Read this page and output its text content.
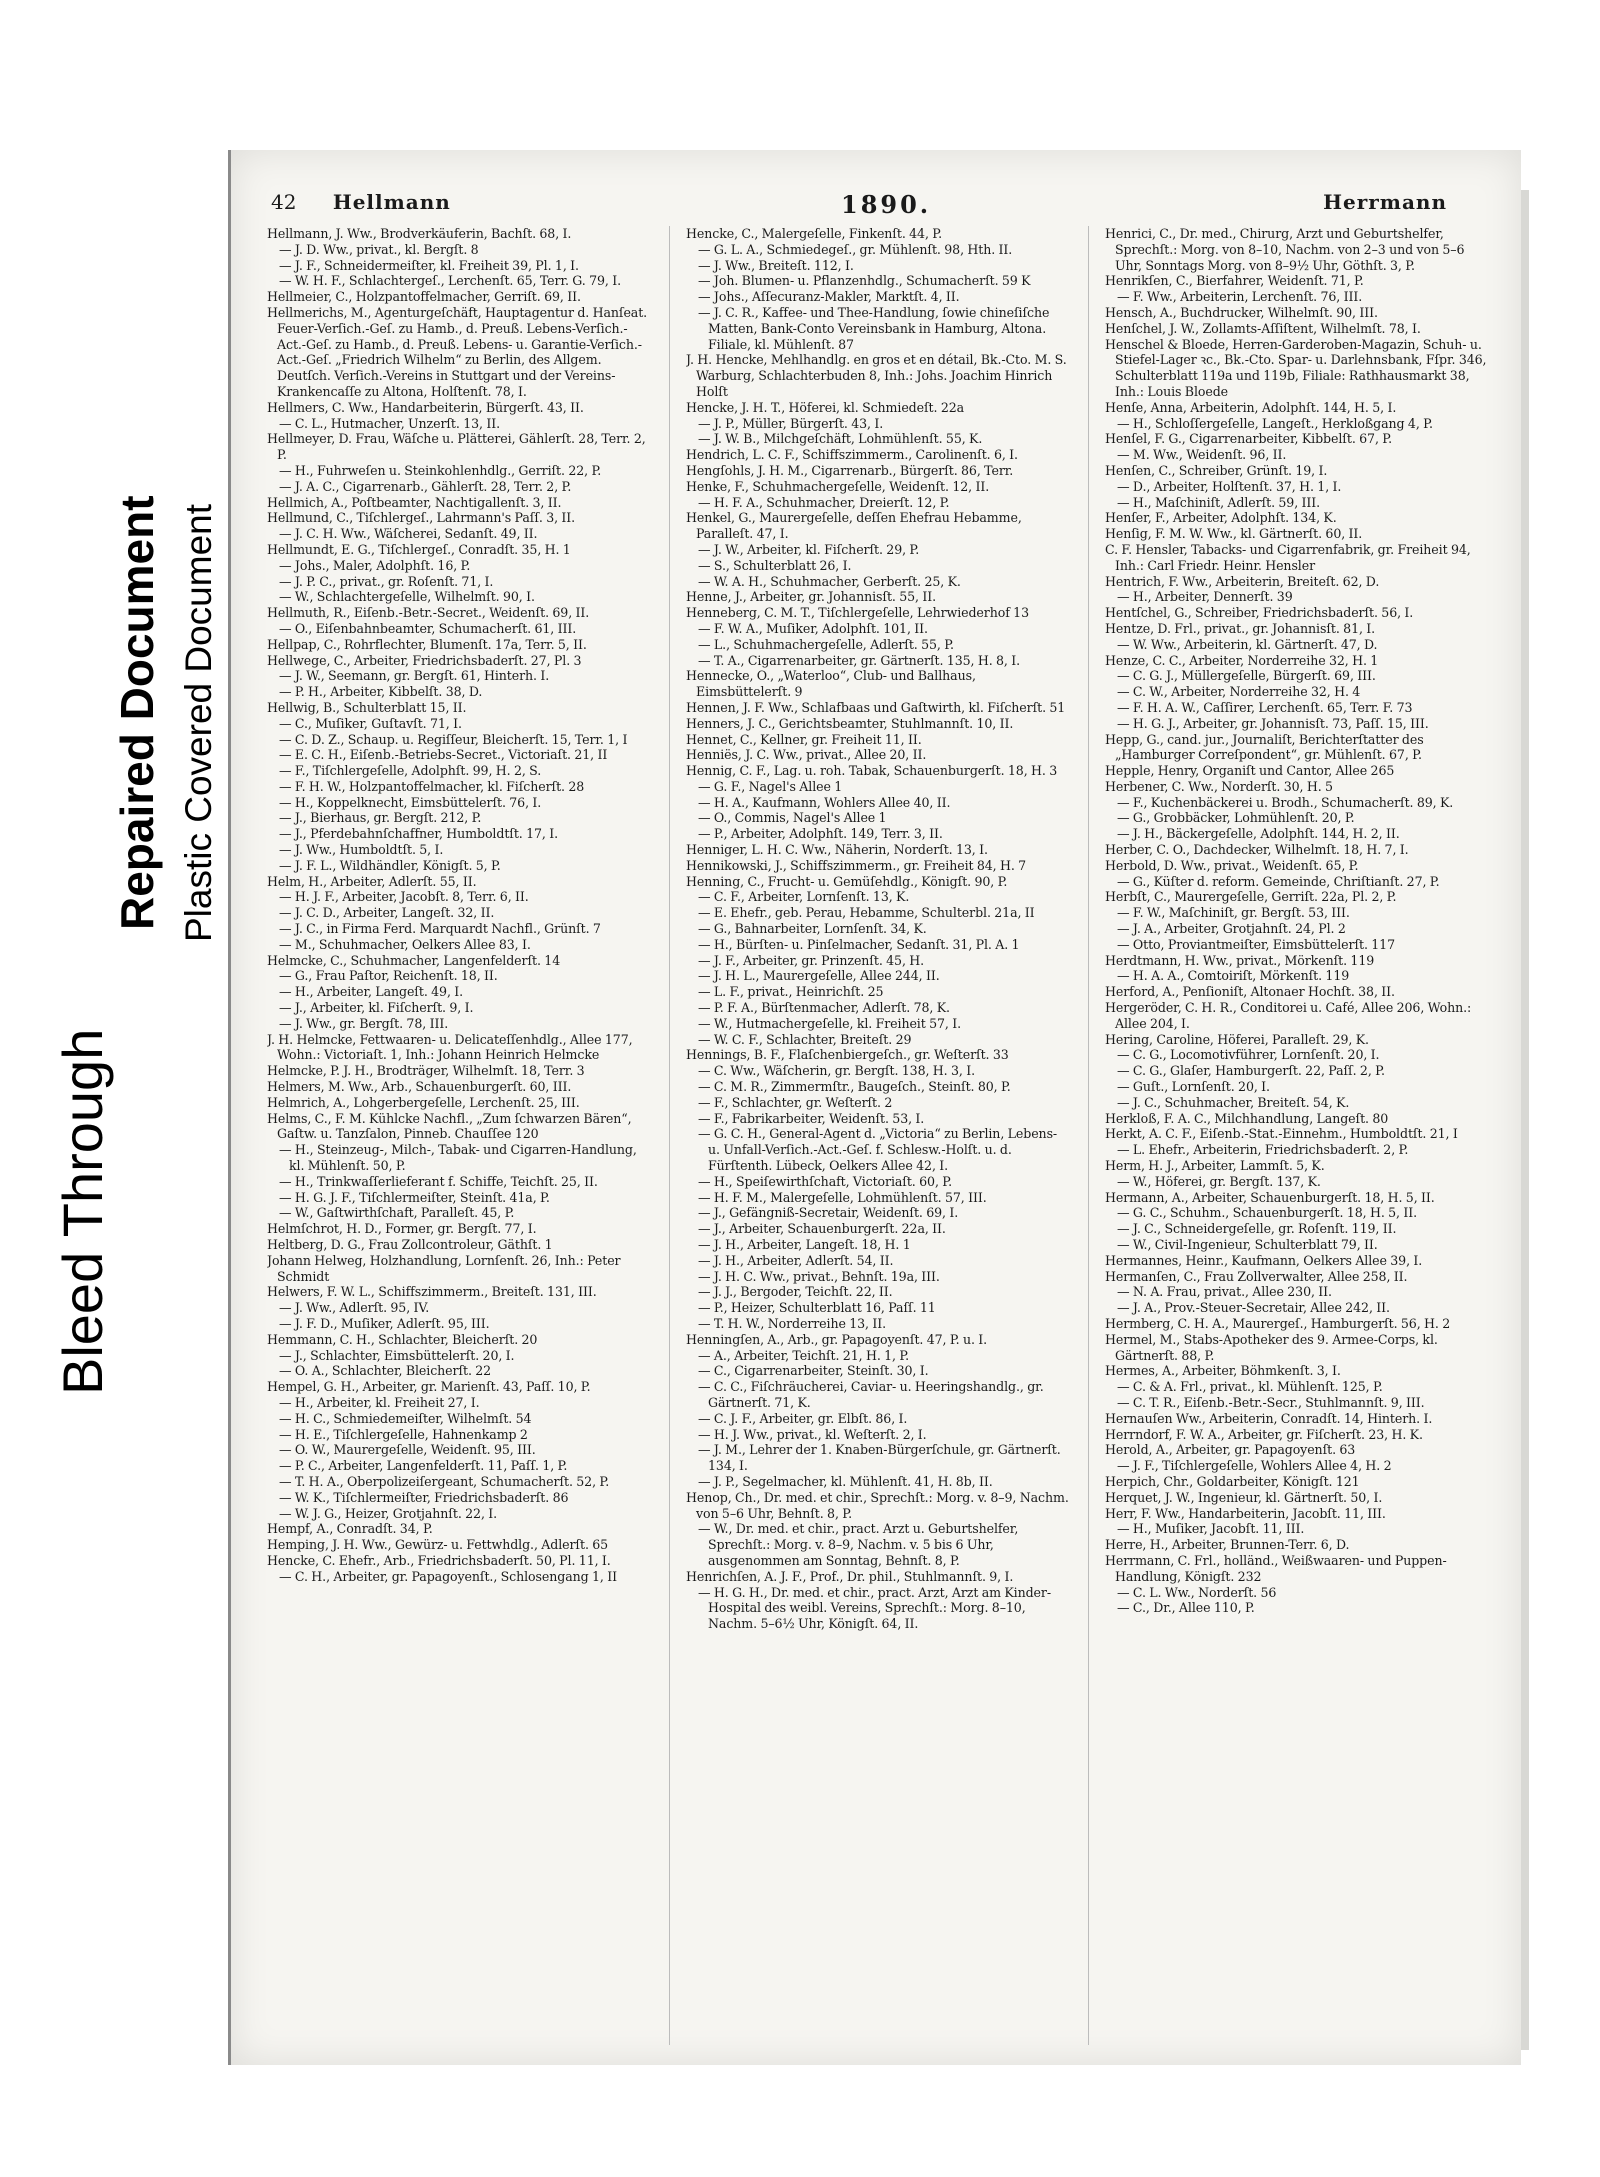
Bleed Through
Repaired Document Plastic Covered Document
42 Hellmann	1890.	Herrmann

Hellmann, J. Ww., Brodverkäuferin, Bachſt. 68, I.

— J. D. Ww., privat., kl. Bergſt. 8

— J. F., Schneidermeiſter, kl. Freiheit 39, Pl. 1, I.

— W. H. F., Schlachtergeſ., Lerchenſt. 65, Terr. G. 79, I.

Hellmeier, C., Holzpantoffelmacher, Gerriſt. 69, II.

Hellmerichs, M., Agenturgeſchäft, Hauptagentur d. Hanſeat. Feuer-Verſich.-Geſ. zu Hamb., d. Preuß. Lebens-Verſich.-Act.-Geſ. zu Hamb., d. Preuß. Lebens- u. Garantie-Verſich.-Act.-Geſ. „Friedrich Wilhelm“ zu Berlin, des Allgem. Deutſch. Verſich.-Vereins in Stuttgart und der Vereins-Krankencaſſe zu Altona, Holſtenſt. 78, I.

Hellmers, C. Ww., Handarbeiterin, Bürgerſt. 43, II.

— C. L., Hutmacher, Unzerſt. 13, II.

Hellmeyer, D. Frau, Wäſche u. Plätterei, Gählerſt. 28, Terr. 2, P.

— H., Fuhrweſen u. Steinkohlenhdlg., Gerriſt. 22, P.

— J. A. C., Cigarrenarb., Gählerſt. 28, Terr. 2, P.

Hellmich, A., Poſtbeamter, Nachtigallenſt. 3, II.

Hellmund, C., Tiſchlergeſ., Lahrmann's Paſſ. 3, II.

— J. C. H. Ww., Wäſcherei, Sedanſt. 49, II.

Hellmundt, E. G., Tiſchlergeſ., Conradſt. 35, H. 1

— Johs., Maler, Adolphſt. 16, P.

— J. P. C., privat., gr. Roſenſt. 71, I.

— W., Schlachtergeſelle, Wilhelmſt. 90, I.

Hellmuth, R., Eiſenb.-Betr.-Secret., Weidenſt. 69, II.

— O., Eiſenbahnbeamter, Schumacherſt. 61, III.

Hellpap, C., Rohrflechter, Blumenſt. 17a, Terr. 5, II.

Hellwege, C., Arbeiter, Friedrichsbaderſt. 27, Pl. 3

— J. W., Seemann, gr. Bergſt. 61, Hinterh. I.

— P. H., Arbeiter, Kibbelſt. 38, D.

Hellwig, B., Schulterblatt 15, II.

— C., Muſiker, Guſtavſt. 71, I.

— C. D. Z., Schaup. u. Regiſſeur, Bleicherſt. 15, Terr. 1, I

— E. C. H., Eiſenb.-Betriebs-Secret., Victoriaſt. 21, II

— F., Tiſchlergeſelle, Adolphſt. 99, H. 2, S.

— F. H. W., Holzpantoffelmacher, kl. Fiſcherſt. 28

— H., Koppelknecht, Eimsbüttelerſt. 76, I.

— J., Bierhaus, gr. Bergſt. 212, P.

— J., Pferdebahnſchaffner, Humboldtſt. 17, I.

— J. Ww., Humboldtſt. 5, I.

— J. F. L., Wildhändler, Königſt. 5, P.

Helm, H., Arbeiter, Adlerſt. 55, II.

— H. J. F., Arbeiter, Jacobſt. 8, Terr. 6, II.

— J. C. D., Arbeiter, Langeſt. 32, II.

— J. C., in Firma Ferd. Marquardt Nachfl., Grünſt. 7

— M., Schuhmacher, Oelkers Allee 83, I.

Helmcke, C., Schuhmacher, Langenfelderſt. 14

— G., Frau Paſtor, Reichenſt. 18, II.

— H., Arbeiter, Langeſt. 49, I.

— J., Arbeiter, kl. Fiſcherſt. 9, I.

— J. Ww., gr. Bergſt. 78, III.

J. H. Helmcke, Fettwaaren- u. Delicateſſenhdlg., Allee 177, Wohn.: Victoriaſt. 1, Inh.: Johann Heinrich Helmcke

Helmcke, P. J. H., Brodträger, Wilhelmſt. 18, Terr. 3

Helmers, M. Ww., Arb., Schauenburgerſt. 60, III.

Helmrich, A., Lohgerbergeſelle, Lerchenſt. 25, III.

Helms, C., F. M. Kühlcke Nachfl., „Zum ſchwarzen Bären“, Gaſtw. u. Tanzſalon, Pinneb. Chauſſee 120

— H., Steinzeug-, Milch-, Tabak- und Cigarren-Handlung, kl. Mühlenſt. 50, P.

— H., Trinkwaſſerlieferant f. Schiffe, Teichſt. 25, II.

— H. G. J. F., Tiſchlermeiſter, Steinſt. 41a, P.

— W., Gaſtwirthſchaft, Paralleſt. 45, P.

Helmſchrot, H. D., Former, gr. Bergſt. 77, I.

Heltberg, D. G., Frau Zollcontroleur, Gäthſt. 1

Johann Helweg, Holzhandlung, Lornſenſt. 26, Inh.: Peter Schmidt

Helwers, F. W. L., Schiffszimmerm., Breiteſt. 131, III.

— J. Ww., Adlerſt. 95, IV.

— J. F. D., Muſiker, Adlerſt. 95, III.

Hemmann, C. H., Schlachter, Bleicherſt. 20

— J., Schlachter, Eimsbüttelerſt. 20, I.

— O. A., Schlachter, Bleicherſt. 22

Hempel, G. H., Arbeiter, gr. Marienſt. 43, Paſſ. 10, P.

— H., Arbeiter, kl. Freiheit 27, I.

— H. C., Schmiedemeiſter, Wilhelmſt. 54

— H. E., Tiſchlergeſelle, Hahnenkamp 2

— O. W., Maurergeſelle, Weidenſt. 95, III.

— P. C., Arbeiter, Langenfelderſt. 11, Paſſ. 1, P.

— T. H. A., Oberpolizeiſergeant, Schumacherſt. 52, P.

— W. K., Tiſchlermeiſter, Friedrichsbaderſt. 86

— W. J. G., Heizer, Grotjahnſt. 22, I.

Hempf, A., Conradſt. 34, P.

Hemping, J. H. Ww., Gewürz- u. Fettwhdlg., Adlerſt. 65

Hencke, C. Ehefr., Arb., Friedrichsbaderſt. 50, Pl. 11, I.

— C. H., Arbeiter, gr. Papagoyenſt., Schlosengang 1, II

Hencke, C., Malergeſelle, Finkenſt. 44, P.

— G. L. A., Schmiedegeſ., gr. Mühlenſt. 98, Hth. II.

— J. Ww., Breiteſt. 112, I.

— Joh. Blumen- u. Pflanzenhdlg., Schumacherſt. 59 K

— Johs., Aſſecuranz-Makler, Marktſt. 4, II.

— J. C. R., Kaffee- und Thee-Handlung, ſowie chineſiſche Matten, Bank-Conto Vereinsbank in Hamburg, Altona. Filiale, kl. Mühlenſt. 87

J. H. Hencke, Mehlhandlg. en gros et en détail, Bk.-Cto. M. S. Warburg, Schlachterbuden 8, Inh.: Johs. Joachim Hinrich Holſt

Hencke, J. H. T., Höferei, kl. Schmiedeſt. 22a

— J. P., Müller, Bürgerſt. 43, I.

— J. W. B., Milchgeſchäft, Lohmühlenſt. 55, K.

Hendrich, L. C. F., Schiffszimmerm., Carolinenſt. 6, I.

Hengſohls, J. H. M., Cigarrenarb., Bürgerſt. 86, Terr.

Henke, F., Schuhmachergeſelle, Weidenſt. 12, II.

— H. F. A., Schuhmacher, Dreierſt. 12, P.

Henkel, G., Maurergeſelle, deſſen Ehefrau Hebamme, Paralleſt. 47, I.

— J. W., Arbeiter, kl. Fiſcherſt. 29, P.

— S., Schulterblatt 26, I.

— W. A. H., Schuhmacher, Gerberſt. 25, K.

Henne, J., Arbeiter, gr. Johannisſt. 55, II.

Henneberg, C. M. T., Tiſchlergeſelle, Lehrwiederhof 13

— F. W. A., Muſiker, Adolphſt. 101, II.

— L., Schuhmachergeſelle, Adlerſt. 55, P.

— T. A., Cigarrenarbeiter, gr. Gärtnerſt. 135, H. 8, I.

Hennecke, O., „Waterloo“, Club- und Ballhaus, Eimsbüttelerſt. 9

Hennen, J. F. Ww., Schlafbaas und Gaſtwirth, kl. Fiſcherſt. 51

Henners, J. C., Gerichtsbeamter, Stuhlmannſt. 10, II.

Hennet, C., Kellner, gr. Freiheit 11, II.

Henniës, J. C. Ww., privat., Allee 20, II.

Hennig, C. F., Lag. u. roh. Tabak, Schauenburgerſt. 18, H. 3

— G. F., Nagel's Allee 1

— H. A., Kaufmann, Wohlers Allee 40, II.

— O., Commis, Nagel's Allee 1

— P., Arbeiter, Adolphſt. 149, Terr. 3, II.

Henniger, L. H. C. Ww., Näherin, Norderſt. 13, I.

Hennikowski, J., Schiffszimmerm., gr. Freiheit 84, H. 7

Henning, C., Frucht- u. Gemüſehdlg., Königſt. 90, P.

— C. F., Arbeiter, Lornſenſt. 13, K.

— E. Ehefr., geb. Perau, Hebamme, Schulterbl. 21a, II

— G., Bahnarbeiter, Lornſenſt. 34, K.

— H., Bürſten- u. Pinſelmacher, Sedanſt. 31, Pl. A. 1

— J. F., Arbeiter, gr. Prinzenſt. 45, H.

— J. H. L., Maurergeſelle, Allee 244, II.

— L. F., privat., Heinrichſt. 25

— P. F. A., Bürſtenmacher, Adlerſt. 78, K.

— W., Hutmachergeſelle, kl. Freiheit 57, I.

— W. C. F., Schlachter, Breiteſt. 29

Hennings, B. F., Flaſchenbiergeſch., gr. Weſterſt. 33

— C. Ww., Wäſcherin, gr. Bergſt. 138, H. 3, I.

— C. M. R., Zimmermſtr., Baugeſch., Steinſt. 80, P.

— F., Schlachter, gr. Weſterſt. 2

— F., Fabrikarbeiter, Weidenſt. 53, I.

— G. C. H., General-Agent d. „Victoria“ zu Berlin, Lebens- u. Unfall-Verſich.-Act.-Geſ. f. Schlesw.-Holſt. u. d. Fürſtenth. Lübeck, Oelkers Allee 42, I.

— H., Speiſewirthſchaft, Victoriaſt. 60, P.

— H. F. M., Malergeſelle, Lohmühlenſt. 57, III.

— J., Gefängniß-Secretair, Weidenſt. 69, I.

— J., Arbeiter, Schauenburgerſt. 22a, II.

— J. H., Arbeiter, Langeſt. 18, H. 1

— J. H., Arbeiter, Adlerſt. 54, II.

— J. H. C. Ww., privat., Behnſt. 19a, III.

— J. J., Bergoder, Teichſt. 22, II.

— P., Heizer, Schulterblatt 16, Paſſ. 11

— T. H. W., Norderreihe 13, II.

Henningſen, A., Arb., gr. Papagoyenſt. 47, P. u. I.

— A., Arbeiter, Teichſt. 21, H. 1, P.

— C., Cigarrenarbeiter, Steinſt. 30, I.

— C. C., Fiſchräucherei, Caviar- u. Heeringshandlg., gr. Gärtnerſt. 71, K.

— C. J. F., Arbeiter, gr. Elbſt. 86, I.

— H. J. Ww., privat., kl. Weſterſt. 2, I.

— J. M., Lehrer der 1. Knaben-Bürgerſchule, gr. Gärtnerſt. 134, I.

— J. P., Segelmacher, kl. Mühlenſt. 41, H. 8b, II.

Henop, Ch., Dr. med. et chir., Sprechſt.: Morg. v. 8–9, Nachm. von 5–6 Uhr, Behnſt. 8, P.

— W., Dr. med. et chir., pract. Arzt u. Geburtshelfer, Sprechſt.: Morg. v. 8–9, Nachm. v. 5 bis 6 Uhr, ausgenommen am Sonntag, Behnſt. 8, P.

Henrichſen, A. J. F., Prof., Dr. phil., Stuhlmannſt. 9, I.

— H. G. H., Dr. med. et chir., pract. Arzt, Arzt am Kinder-Hospital des weibl. Vereins, Sprechſt.: Morg. 8–10, Nachm. 5–6½ Uhr, Königſt. 64, II.

Henrici, C., Dr. med., Chirurg, Arzt und Geburtshelfer, Sprechſt.: Morg. von 8–10, Nachm. von 2–3 und von 5–6 Uhr, Sonntags Morg. von 8–9½ Uhr, Göthſt. 3, P.

Henrikſen, C., Bierfahrer, Weidenſt. 71, P.

— F. Ww., Arbeiterin, Lerchenſt. 76, III.

Hensch, A., Buchdrucker, Wilhelmſt. 90, III.

Henſchel, J. W., Zollamts-Aſſiſtent, Wilhelmſt. 78, I.

Henschel & Bloede, Herren-Garderoben-Magazin, Schuh- u. Stiefel-Lager ꝛc., Bk.-Cto. Spar- u. Darlehnsbank, Fſpr. 346, Schulterblatt 119a und 119b, Filiale: Rathhausmarkt 38, Inh.: Louis Bloede

Henſe, Anna, Arbeiterin, Adolphſt. 144, H. 5, I.

— H., Schloſſergeſelle, Langeſt., Herkloßgang 4, P.

Henſel, F. G., Cigarrenarbeiter, Kibbelſt. 67, P.

— M. Ww., Weidenſt. 96, II.

Henſen, C., Schreiber, Grünſt. 19, I.

— D., Arbeiter, Holſtenſt. 37, H. 1, I.

— H., Maſchiniſt, Adlerſt. 59, III.

Henſer, F., Arbeiter, Adolphſt. 134, K.

Henſig, F. M. W. Ww., kl. Gärtnerſt. 60, II.

C. F. Hensler, Tabacks- und Cigarrenfabrik, gr. Freiheit 94, Inh.: Carl Friedr. Heinr. Hensler

Hentrich, F. Ww., Arbeiterin, Breiteſt. 62, D.

— H., Arbeiter, Dennerſt. 39

Hentſchel, G., Schreiber, Friedrichsbaderſt. 56, I.

Hentze, D. Frl., privat., gr. Johannisſt. 81, I.

— W. Ww., Arbeiterin, kl. Gärtnerſt. 47, D.

Henze, C. C., Arbeiter, Norderreihe 32, H. 1

— C. G. J., Müllergeſelle, Bürgerſt. 69, III.

— C. W., Arbeiter, Norderreihe 32, H. 4

— F. H. A. W., Caſſirer, Lerchenſt. 65, Terr. F. 73

— H. G. J., Arbeiter, gr. Johannisſt. 73, Paſſ. 15, III.

Hepp, G., cand. jur., Journaliſt, Berichterſtatter des „Hamburger Correſpondent“, gr. Mühlenſt. 67, P.

Hepple, Henry, Organiſt und Cantor, Allee 265

Herbener, C. Ww., Norderſt. 30, H. 5

— F., Kuchenbäckerei u. Brodh., Schumacherſt. 89, K.

— G., Grobbäcker, Lohmühlenſt. 20, P.

— J. H., Bäckergeſelle, Adolphſt. 144, H. 2, II.

Herber, C. O., Dachdecker, Wilhelmſt. 18, H. 7, I.

Herbold, D. Ww., privat., Weidenſt. 65, P.

— G., Küſter d. reform. Gemeinde, Chriſtianſt. 27, P.

Herbſt, C., Maurergeſelle, Gerriſt. 22a, Pl. 2, P.

— F. W., Maſchiniſt, gr. Bergſt. 53, III.

— J. A., Arbeiter, Grotjahnſt. 24, Pl. 2

— Otto, Proviantmeiſter, Eimsbüttelerſt. 117

Herdtmann, H. Ww., privat., Mörkenſt. 119

— H. A. A., Comtoiriſt, Mörkenſt. 119

Herford, A., Penſioniſt, Altonaer Hochſt. 38, II.

Hergeröder, C. H. R., Conditorei u. Café, Allee 206, Wohn.: Allee 204, I.

Hering, Caroline, Höferei, Paralleſt. 29, K.

— C. G., Locomotivführer, Lornſenſt. 20, I.

— C. G., Glaſer, Hamburgerſt. 22, Paſſ. 2, P.

— Guſt., Lornſenſt. 20, I.

— J. C., Schuhmacher, Breiteſt. 54, K.

Herkloß, F. A. C., Milchhandlung, Langeſt. 80

Herkt, A. C. F., Eiſenb.-Stat.-Einnehm., Humboldtſt. 21, I

— L. Ehefr., Arbeiterin, Friedrichsbaderſt. 2, P.

Herm, H. J., Arbeiter, Lammſt. 5, K.

— W., Höferei, gr. Bergſt. 137, K.

Hermann, A., Arbeiter, Schauenburgerſt. 18, H. 5, II.

— G. C., Schuhm., Schauenburgerſt. 18, H. 5, II.

— J. C., Schneidergeſelle, gr. Roſenſt. 119, II.

— W., Civil-Ingenieur, Schulterblatt 79, II.

Hermannes, Heinr., Kaufmann, Oelkers Allee 39, I.

Hermanſen, C., Frau Zollverwalter, Allee 258, II.

— N. A. Frau, privat., Allee 230, II.

— J. A., Prov.-Steuer-Secretair, Allee 242, II.

Hermberg, C. H. A., Maurergeſ., Hamburgerſt. 56, H. 2

Hermel, M., Stabs-Apotheker des 9. Armee-Corps, kl. Gärtnerſt. 88, P.

Hermes, A., Arbeiter, Böhmkenſt. 3, I.

— C. & A. Frl., privat., kl. Mühlenſt. 125, P.

— C. T. R., Eiſenb.-Betr.-Secr., Stuhlmannſt. 9, III.

Hernauſen Ww., Arbeiterin, Conradſt. 14, Hinterh. I.

Herrndorf, F. W. A., Arbeiter, gr. Fiſcherſt. 23, H. K.

Herold, A., Arbeiter, gr. Papagoyenſt. 63

— J. F., Tiſchlergeſelle, Wohlers Allee 4, H. 2

Herpich, Chr., Goldarbeiter, Königſt. 121

Herquet, J. W., Ingenieur, kl. Gärtnerſt. 50, I.

Herr, F. Ww., Handarbeiterin, Jacobſt. 11, III.

— H., Muſiker, Jacobſt. 11, III.

Herre, H., Arbeiter, Brunnen-Terr. 6, D.

Herrmann, C. Frl., holländ., Weißwaaren- und Puppen-Handlung, Königſt. 232

— C. L. Ww., Norderſt. 56

— C., Dr., Allee 110, P.
